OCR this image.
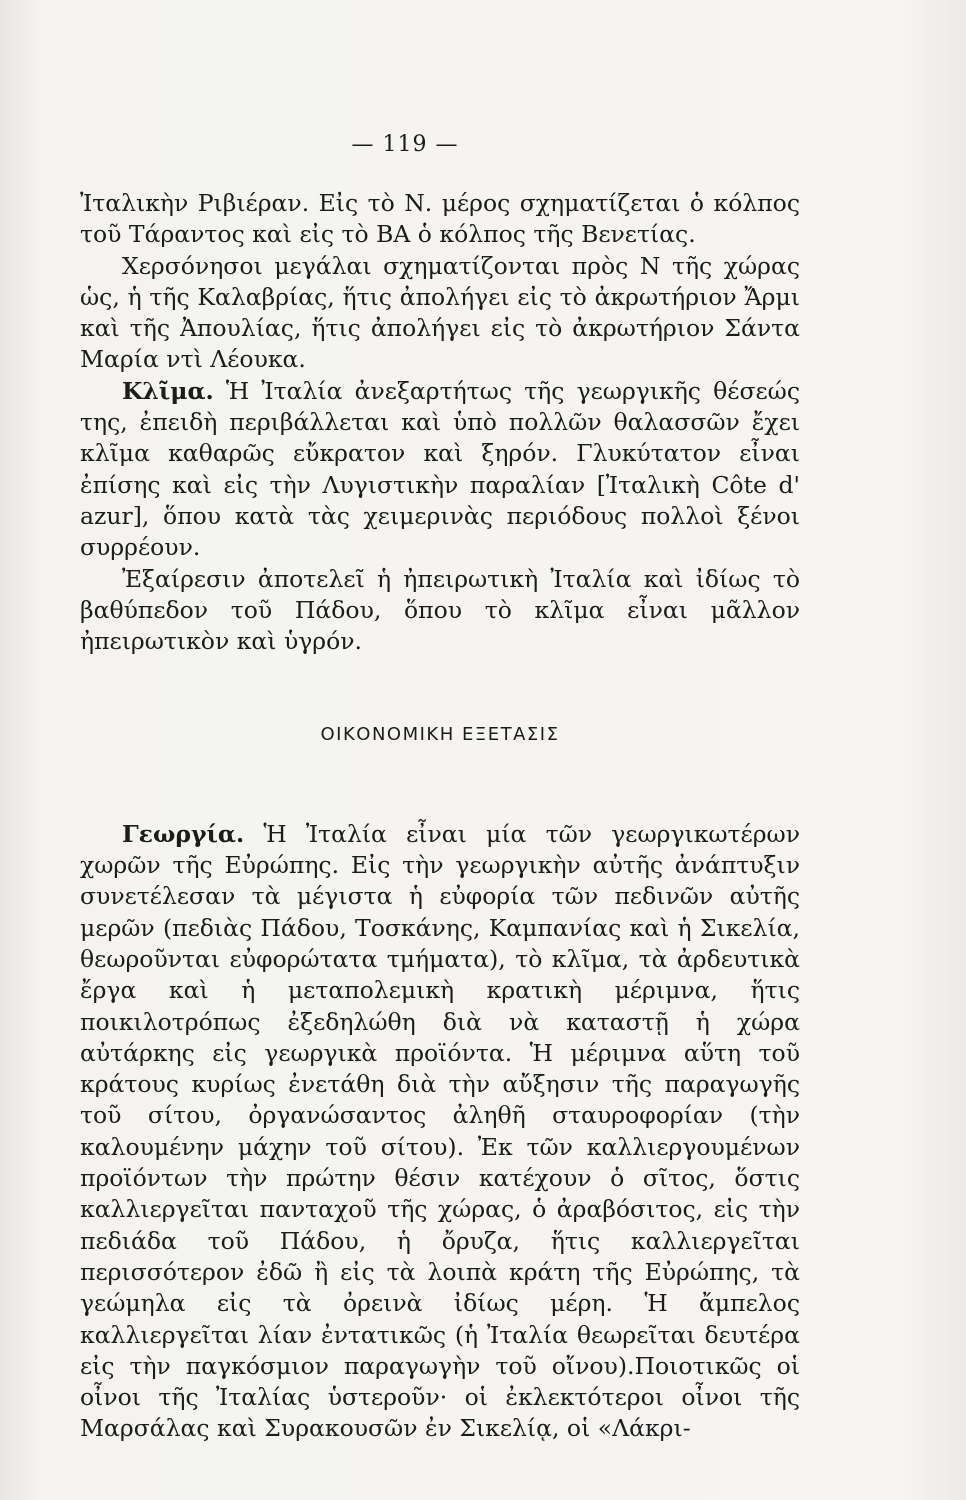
— 119 —

Ἰταλικὴν Ριβιέραν. Εἰς τὸ Ν. μέρος σχηματίζεται ὁ κόλπος τοῦ Τάραντος καὶ εἰς τὸ ΒΑ ὁ κόλπος τῆς Βενετίας.

Χερσόνησοι μεγάλαι σχηματίζονται πρὸς Ν τῆς χώρας ὡς, ἡ τῆς Καλαβρίας, ἥτις ἀπολήγει εἰς τὸ ἀκρωτήριον Ἄρμι καὶ τῆς Ἀπουλίας, ἥτις ἀπολήγει εἰς τὸ ἀκρωτήριον Σάντα Μαρία ντὶ Λέουκα.

Κλῖμα. Ἡ Ἰταλία ἀνεξαρτήτως τῆς γεωργικῆς θέσεώς της, ἐπειδὴ περιβάλλεται καὶ ὑπὸ πολλῶν θαλασσῶν ἔχει κλῖμα καθαρῶς εὔκρατον καὶ ξηρόν. Γλυκύτατον εἶναι ἐπίσης καὶ εἰς τὴν Λυγιστικὴν παραλίαν [Ἰταλικὴ Côte d' azur], ὅπου κατὰ τὰς χειμερινὰς περιόδους πολλοὶ ξένοι συρρέουν.

Ἐξαίρεσιν ἀποτελεῖ ἡ ἠπειρωτικὴ Ἰταλία καὶ ἰδίως τὸ βαθύπεδον τοῦ Πάδου, ὅπου τὸ κλῖμα εἶναι μᾶλλον ἠπειρωτικὸν καὶ ὑγρόν.

ΟΙΚΟΝΟΜΙΚΗ ΕΞΕΤΑΣΙΣ

Γεωργία. Ἡ Ἰταλία εἶναι μία τῶν γεωργικωτέρων χωρῶν τῆς Εὐρώπης. Εἰς τὴν γεωργικὴν αὐτῆς ἀνάπτυξιν συνετέλεσαν τὰ μέγιστα ἡ εὐφορία τῶν πεδινῶν αὐτῆς μερῶν (πεδιὰς Πάδου, Τοσκάνης, Καμπανίας καὶ ἡ Σικελία, θεωροῦνται εὐφορώτατα τμήματα), τὸ κλῖμα, τὰ ἀρδευτικὰ ἔργα καὶ ἡ μεταπολεμικὴ κρατικὴ μέριμνα, ἥτις ποικιλοτρόπως ἐξεδηλώθη διὰ νὰ καταστῇ ἡ χώρα αὐτάρκης εἰς γεωργικὰ προϊόντα. Ἡ μέριμνα αὕτη τοῦ κράτους κυρίως ἐνετάθη διὰ τὴν αὔξησιν τῆς παραγωγῆς τοῦ σίτου, ὀργανώσαντος ἀληθῆ σταυροφορίαν (τὴν καλουμένην μάχην τοῦ σίτου). Ἐκ τῶν καλλιεργουμένων προϊόντων τὴν πρώτην θέσιν κατέχουν ὁ σῖτος, ὅστις καλλιεργεῖται πανταχοῦ τῆς χώρας, ὁ ἀραβόσιτος, εἰς τὴν πεδιάδα τοῦ Πάδου, ἡ ὄρυζα, ἥτις καλλιεργεῖται περισσότερον ἐδῶ ἢ εἰς τὰ λοιπὰ κράτη τῆς Εὐρώπης, τὰ γεώμηλα εἰς τὰ ὀρεινὰ ἰδίως μέρη. Ἡ ἄμπελος καλλιεργεῖται λίαν ἐντατικῶς (ἡ Ἰταλία θεωρεῖται δευτέρα εἰς τὴν παγκόσμιον παραγωγὴν τοῦ οἴνου).Ποιοτικῶς οἱ οἶνοι τῆς Ἰταλίας ὑστεροῦν· οἱ ἐκλεκτότεροι οἶνοι τῆς Μαρσάλας καὶ Συρακουσῶν ἐν Σικελίᾳ, οἱ «Λάκρι-
